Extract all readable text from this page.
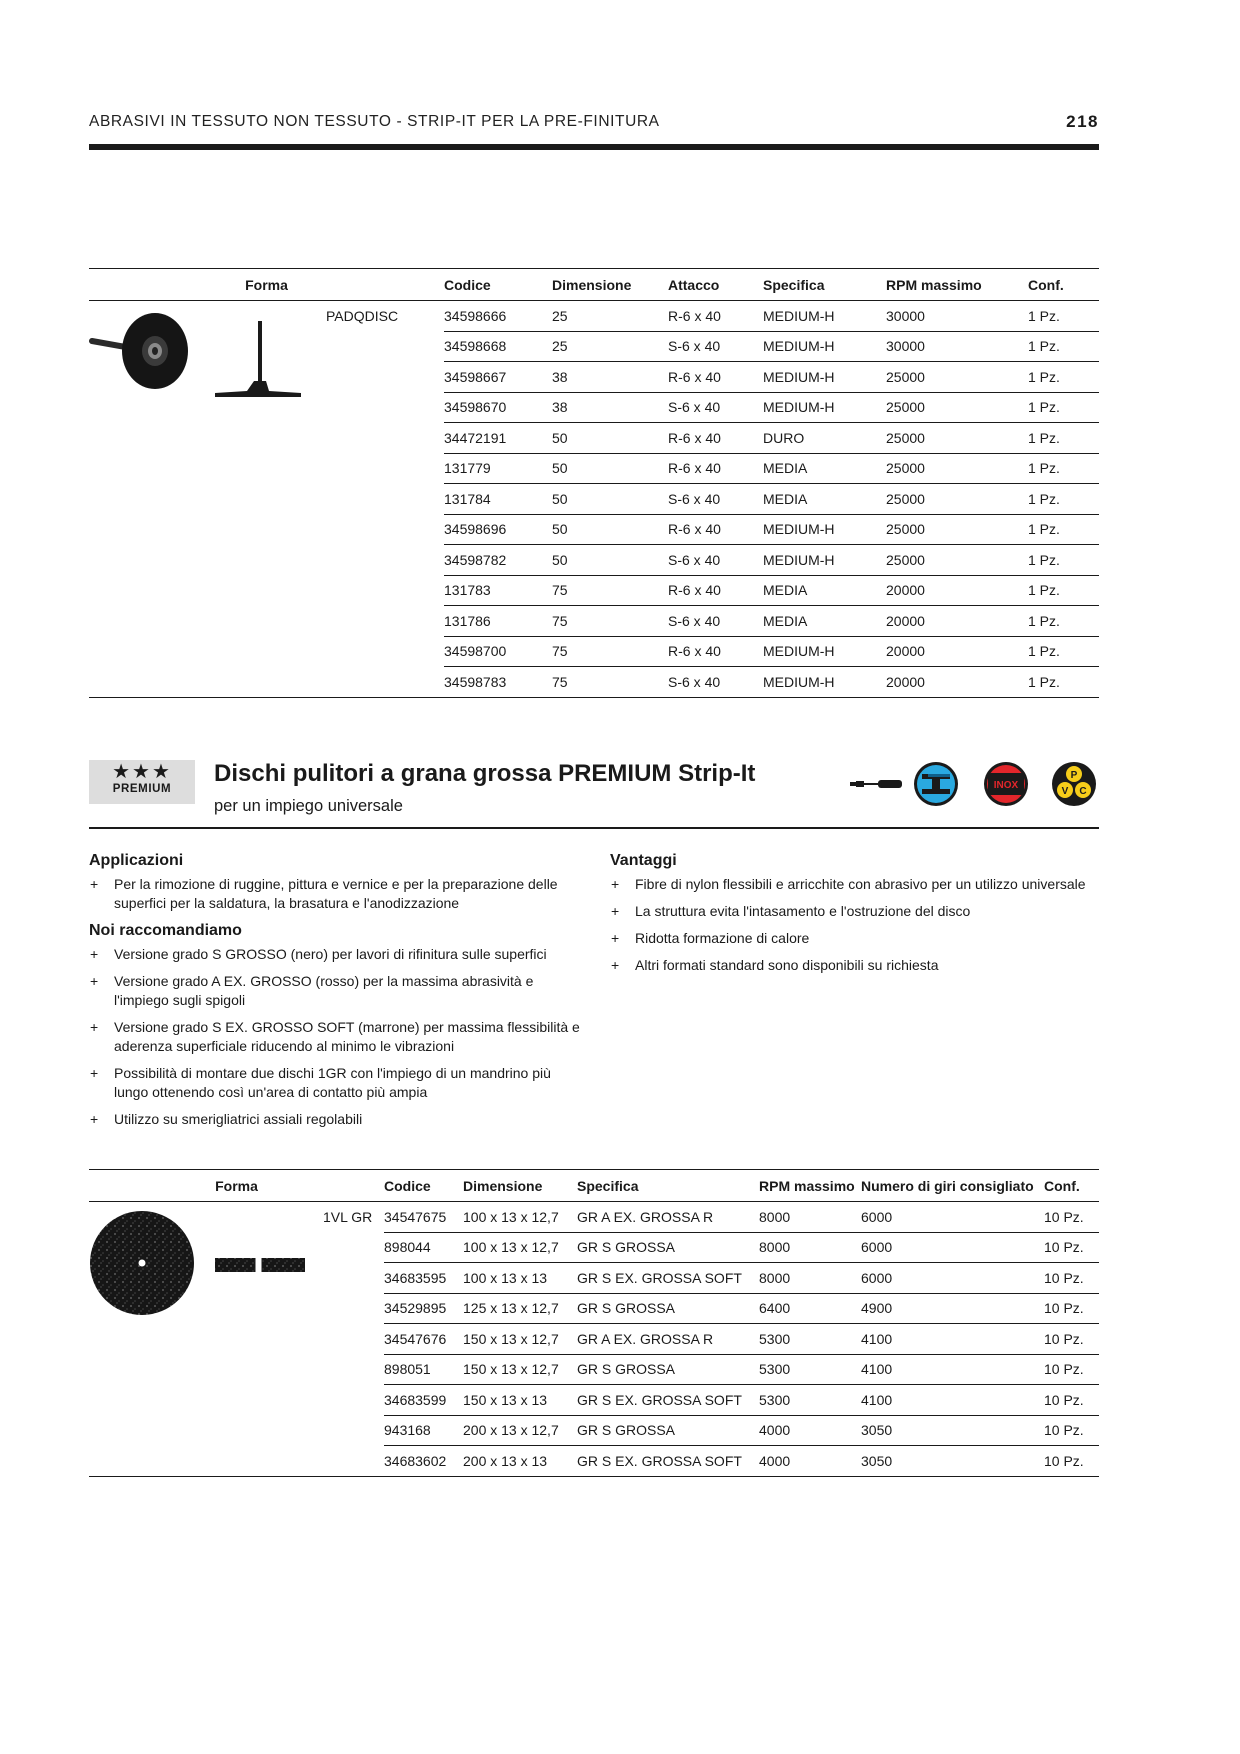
ABRASIVI IN TESSUTO NON TESSUTO - STRIP-IT PER LA PRE-FINITURA	218
Forma	Codice	Dimensione	Attacco	Specifica	RPM massimo	Conf.

PADQDISC	34598666	25	R-6 x 40	MEDIUM-H	30000	1 Pz.
	34598668	25	S-6 x 40	MEDIUM-H	30000	1 Pz.
	34598667	38	R-6 x 40	MEDIUM-H	25000	1 Pz.
	34598670	38	S-6 x 40	MEDIUM-H	25000	1 Pz.
	34472191	50	R-6 x 40	DURO	25000	1 Pz.
	131779	50	R-6 x 40	MEDIA	25000	1 Pz.
	131784	50	S-6 x 40	MEDIA	25000	1 Pz.
	34598696	50	R-6 x 40	MEDIUM-H	25000	1 Pz.
	34598782	50	S-6 x 40	MEDIUM-H	25000	1 Pz.
	131783	75	R-6 x 40	MEDIA	20000	1 Pz.
	131786	75	S-6 x 40	MEDIA	20000	1 Pz.
	34598700	75	R-6 x 40	MEDIUM-H	20000	1 Pz.
	34598783	75	S-6 x 40	MEDIUM-H	20000	1 Pz.
★★★
PREMIUM
Dischi pulitori a grana grossa PREMIUM Strip-It
per un impiego universale
INOX
P
V C
Applicazioni
+ Per la rimozione di ruggine, pittura e vernice e per la preparazione delle superfici per la saldatura, la brasatura e l'anodizzazione
Noi raccomandiamo
+ Versione grado S GROSSO (nero) per lavori di rifinitura sulle superfici
+ Versione grado A EX. GROSSO (rosso) per la massima abrasività e l'impiego sugli spigoli
+ Versione grado S EX. GROSSO SOFT (marrone) per massima flessibilità e aderenza superficiale riducendo al minimo le vibrazioni
+ Possibilità di montare due dischi 1GR con l'impiego di un mandrino più lungo ottenendo così un'area di contatto più ampia
+ Utilizzo su smerigliatrici assiali regolabili
Vantaggi
+ Fibre di nylon flessibili e arricchite con abrasivo per un utilizzo universale
+ La struttura evita l'intasamento e l'ostruzione del disco
+ Ridotta formazione di calore
+ Altri formati standard sono disponibili su richiesta
Forma	Codice	Dimensione	Specifica	RPM massimo	Numero di giri consigliato	Conf.

1VL GR	34547675	100 x 13 x 12,7	GR A EX. GROSSA R	8000	6000	10 Pz.
	898044	100 x 13 x 12,7	GR S GROSSA	8000	6000	10 Pz.
	34683595	100 x 13 x 13	GR S EX. GROSSA SOFT	8000	6000	10 Pz.
	34529895	125 x 13 x 12,7	GR S GROSSA	6400	4900	10 Pz.
	34547676	150 x 13 x 12,7	GR A EX. GROSSA R	5300	4100	10 Pz.
	898051	150 x 13 x 12,7	GR S GROSSA	5300	4100	10 Pz.
	34683599	150 x 13 x 13	GR S EX. GROSSA SOFT	5300	4100	10 Pz.
	943168	200 x 13 x 12,7	GR S GROSSA	4000	3050	10 Pz.
	34683602	200 x 13 x 13	GR S EX. GROSSA SOFT	4000	3050	10 Pz.
